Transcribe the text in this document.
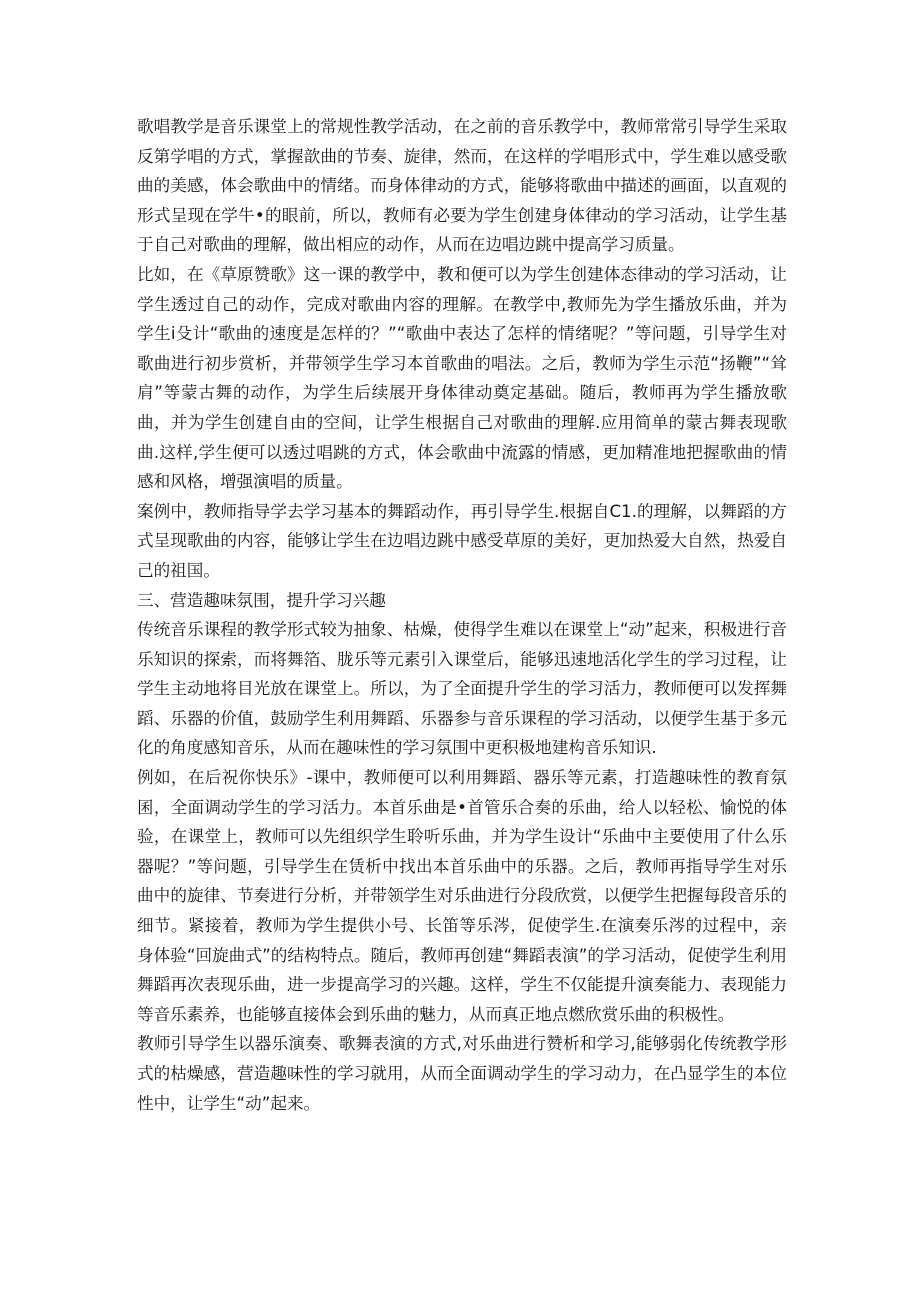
歌唱教学是音乐课堂上的常规性教学活动，在之前的音乐教学中，教师常常引导学生采取反第学唱的方式，掌握歆曲的节奏、旋律，然而，在这样的学唱形式中，学生难以感受歌曲的美感，体会歌曲中的情绪。而身体律动的方式，能够将歌曲中描述的画面，以直观的形式呈现在学牛•的眼前，所以，教师有必要为学生创建身体律动的学习活动，让学生基于自己对歌曲的理解，做出相应的动作，从而在边唱边跳中提高学习质量。

比如，在《草原赞歌》这一课的教学中，教和便可以为学生创建体态律动的学习活动，让学生透过自己的动作，完成对歌曲内容的理解。在教学中,教师先为学生播放乐曲，并为学生i殳计“歌曲的速度是怎样的？”“歌曲中表达了怎样的情绪呢？”等问题，引导学生对歌曲进行初步赏析，并带领学生学习本首歌曲的唱法。之后，教师为学生示范“扬鞭”“耸肩”等蒙古舞的动作，为学生后续展开身体律动奠定基础。随后，教师再为学生播放歌曲，并为学生创建自由的空间，让学生根据自己对歌曲的理解.应用简单的蒙古舞表现歌曲.这样,学生便可以透过唱跳的方式，体会歌曲中流露的情感，更加精准地把握歌曲的情感和风格，增强演唱的质量。

案例中，教师指导学去学习基本的舞蹈动作，再引导学生.根据自C1.的理解，以舞蹈的方式呈现歌曲的内容，能够让学生在边唱边跳中感受草原的美好，更加热爱大自然，热爱自己的祖国。

三、营造趣味氛围，提升学习兴趣

传统音乐课程的教学形式较为抽象、枯燥，使得学生难以在课堂上“动”起来，积极进行音乐知识的探索，而将舞箔、胧乐等元素引入课堂后，能够迅速地活化学生的学习过程，让学生主动地将目光放在课堂上。所以，为了全面提升学生的学习活力，教师便可以发挥舞蹈、乐器的价值，鼓励学生利用舞蹈、乐器参与音乐课程的学习活动，以便学生基于多元化的角度感知音乐，从而在趣味性的学习氛围中更积极地建构音乐知识.

例如，在后祝你快乐》-课中，教师便可以利用舞蹈、器乐等元素，打造趣味性的教育氛囷，全面调动学生的学习活力。本首乐曲是•首管乐合奏的乐曲，给人以轻松、愉悦的体验，在课堂上，教师可以先组织学生聆听乐曲，并为学生设计“乐曲中主要使用了什么乐器呢？”等问题，引导学生在赁析中找出本首乐曲中的乐器。之后，教师再指导学生对乐曲中的旋律、节奏进行分析，并带领学生对乐曲进行分段欣赏，以便学生把握每段音乐的细节。紧接着，教师为学生提供小号、长笛等乐涔，促使学生.在演奏乐涔的过程中，亲身体验“回旋曲式”的结构特点。随后，教师再创建“舞蹈表演”的学习活动，促使学生利用舞蹈再次表现乐曲，进一步提高学习的兴趣。这样，学生不仅能提升演奏能力、表现能力等音乐素养，也能够直接体会到乐曲的魅力，从而真正地点燃欣赏乐曲的积极性。

教师引导学生以器乐演奏、歌舞表演的方式,对乐曲进行赞析和学习,能够弱化传统教学形式的枯燥感，营造趣味性的学习就用，从而全面调动学生的学习动力，在凸显学生的本位性中，让学生“动”起来。
